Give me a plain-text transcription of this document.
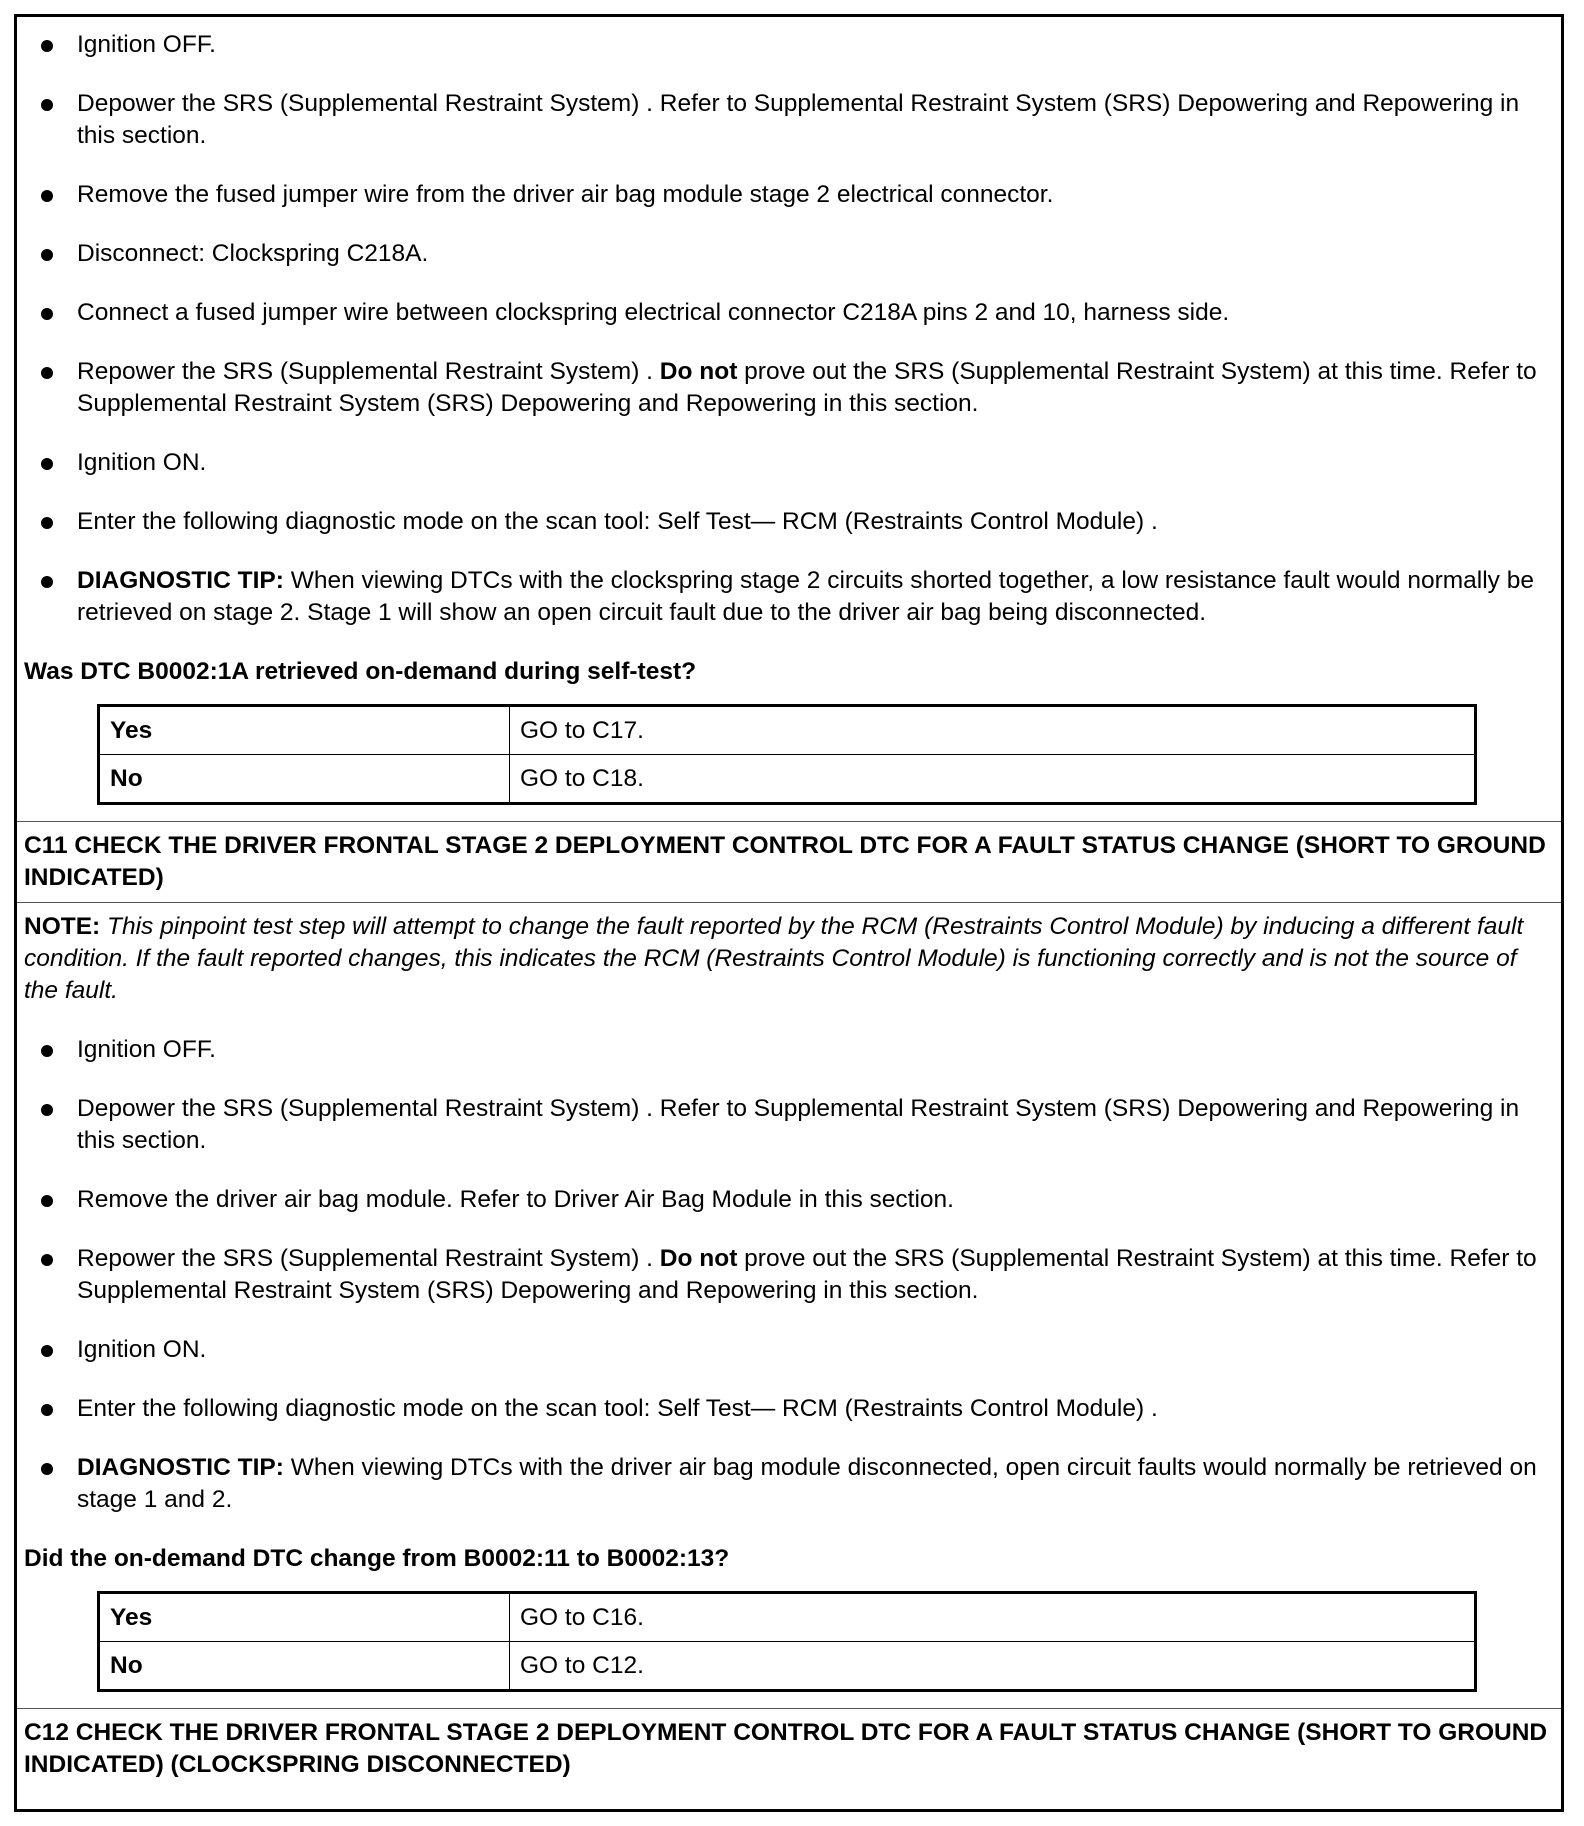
Ignition OFF.
Depower the SRS (Supplemental Restraint System) . Refer to Supplemental Restraint System (SRS) Depowering and Repowering in this section.
Remove the fused jumper wire from the driver air bag module stage 2 electrical connector.
Disconnect: Clockspring C218A.
Connect a fused jumper wire between clockspring electrical connector C218A pins 2 and 10, harness side.
Repower the SRS (Supplemental Restraint System) . Do not prove out the SRS (Supplemental Restraint System) at this time. Refer to Supplemental Restraint System (SRS) Depowering and Repowering in this section.
Ignition ON.
Enter the following diagnostic mode on the scan tool: Self Test— RCM (Restraints Control Module) .
DIAGNOSTIC TIP: When viewing DTCs with the clockspring stage 2 circuits shorted together, a low resistance fault would normally be retrieved on stage 2. Stage 1 will show an open circuit fault due to the driver air bag being disconnected.
Was DTC B0002:1A retrieved on-demand during self-test?
Yes	GO to C17.
No	GO to C18.
C11 CHECK THE DRIVER FRONTAL STAGE 2 DEPLOYMENT CONTROL DTC FOR A FAULT STATUS CHANGE (SHORT TO GROUND INDICATED)
NOTE: This pinpoint test step will attempt to change the fault reported by the RCM (Restraints Control Module) by inducing a different fault condition. If the fault reported changes, this indicates the RCM (Restraints Control Module) is functioning correctly and is not the source of the fault.
Ignition OFF.
Depower the SRS (Supplemental Restraint System) . Refer to Supplemental Restraint System (SRS) Depowering and Repowering in this section.
Remove the driver air bag module. Refer to Driver Air Bag Module in this section.
Repower the SRS (Supplemental Restraint System) . Do not prove out the SRS (Supplemental Restraint System) at this time. Refer to Supplemental Restraint System (SRS) Depowering and Repowering in this section.
Ignition ON.
Enter the following diagnostic mode on the scan tool: Self Test— RCM (Restraints Control Module) .
DIAGNOSTIC TIP: When viewing DTCs with the driver air bag module disconnected, open circuit faults would normally be retrieved on stage 1 and 2.
Did the on-demand DTC change from B0002:11 to B0002:13?
Yes	GO to C16.
No	GO to C12.
C12 CHECK THE DRIVER FRONTAL STAGE 2 DEPLOYMENT CONTROL DTC FOR A FAULT STATUS CHANGE (SHORT TO GROUND INDICATED) (CLOCKSPRING DISCONNECTED)
